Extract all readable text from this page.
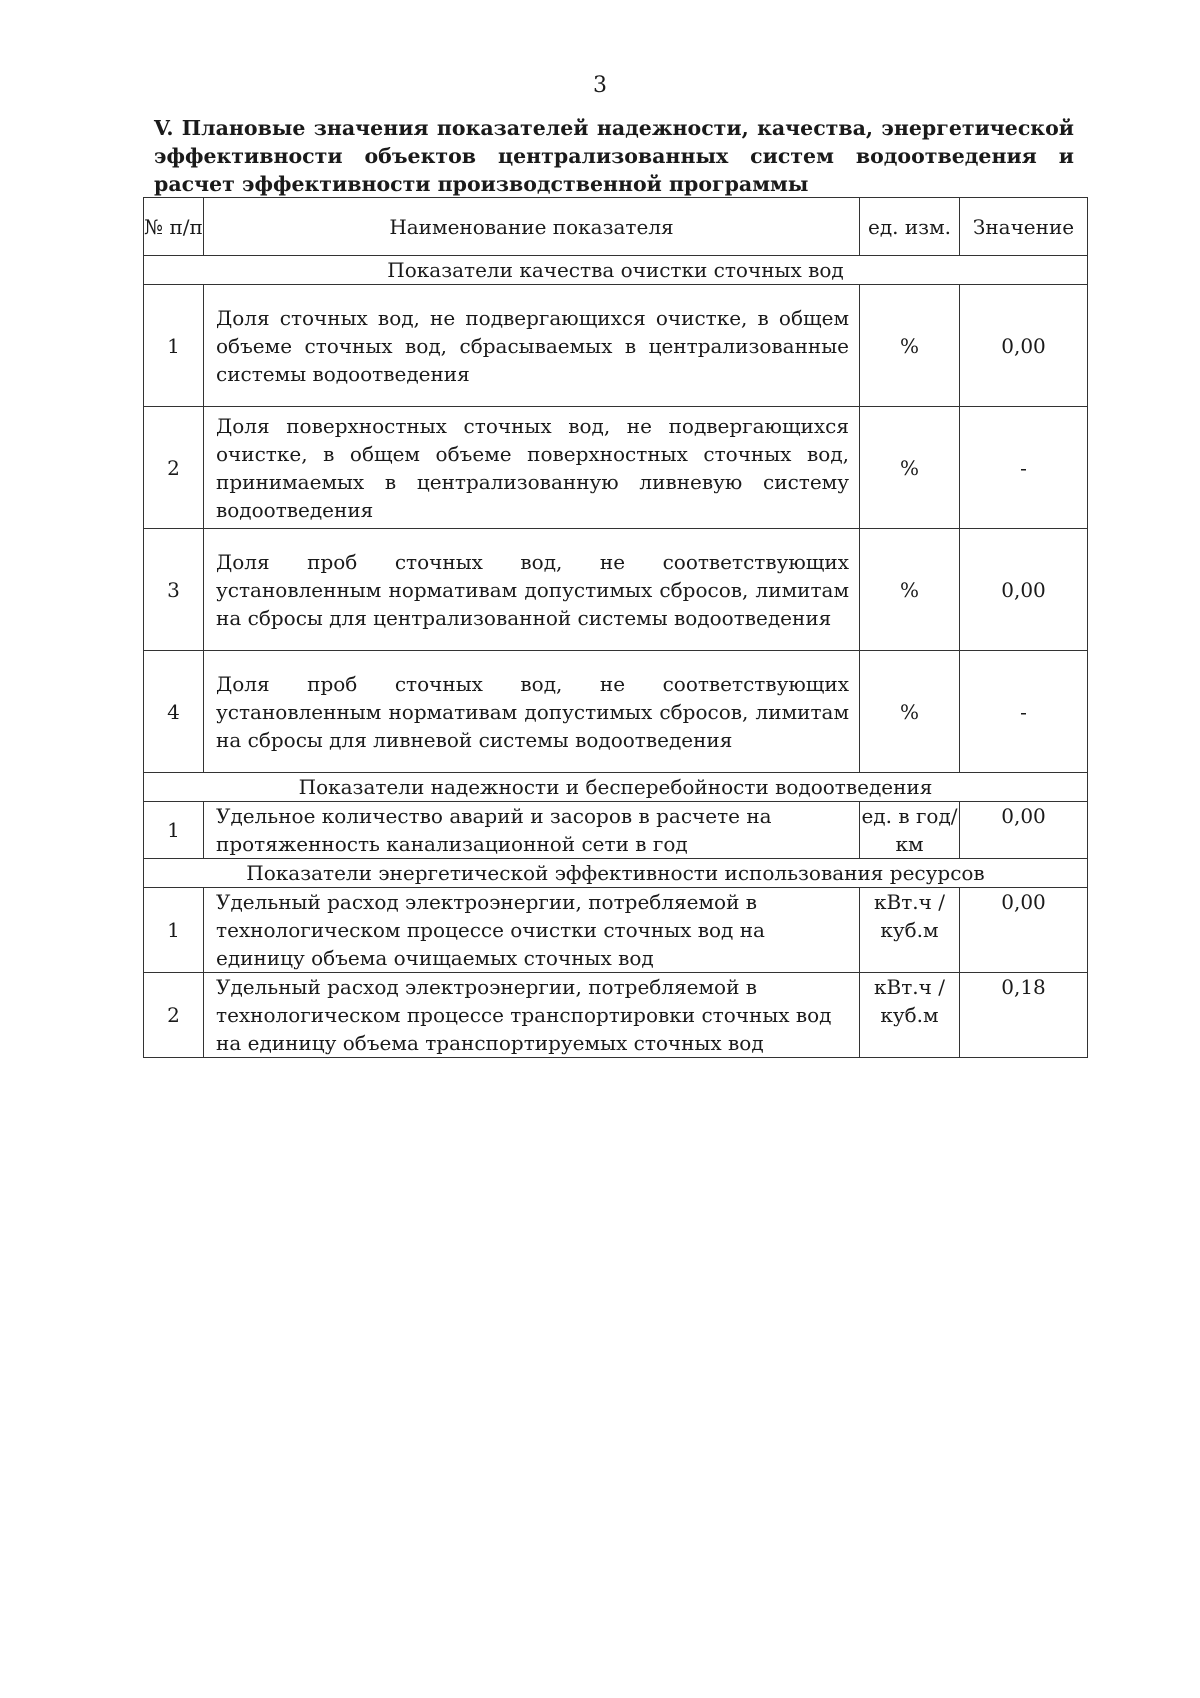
3
V. Плановые значения показателей надежности, качества, энергетической эффективности объектов централизованных систем водоотведения и расчет эффективности производственной программы
№ п/п	Наименование показателя	ед. изм.	Значение
Показатели качества очистки сточных вод			
1	Доля сточных вод, не подвергающихся очистке, в общем объеме сточных вод, сбрасываемых в централизованные системы водоотведения	%	0,00
2	Доля поверхностных сточных вод, не подвергающихся очистке, в общем объеме поверхностных сточных вод, принимаемых в централизованную ливневую систему водоотведения	%	-
3	Доля проб сточных вод, не соответствующих установленным нормативам допустимых сбросов, лимитам на сбросы для централизованной системы водоотведения	%	0,00
4	Доля проб сточных вод, не соответствующих установленным нормативам допустимых сбросов, лимитам на сбросы для ливневой системы водоотведения	%	-
Показатели надежности и бесперебойности водоотведения			
1	Удельное количество аварий и засоров в расчете на протяженность канализационной сети в год	ед. в год/ км	0,00
Показатели энергетической эффективности использования ресурсов			
1	Удельный расход электроэнергии, потребляемой в технологическом процессе очистки сточных вод на единицу объема очищаемых сточных вод	кВт.ч / куб.м	0,00
2	Удельный расход электроэнергии, потребляемой в технологическом процессе транспортировки сточных вод на единицу объема транспортируемых сточных вод	кВт.ч / куб.м	0,18
